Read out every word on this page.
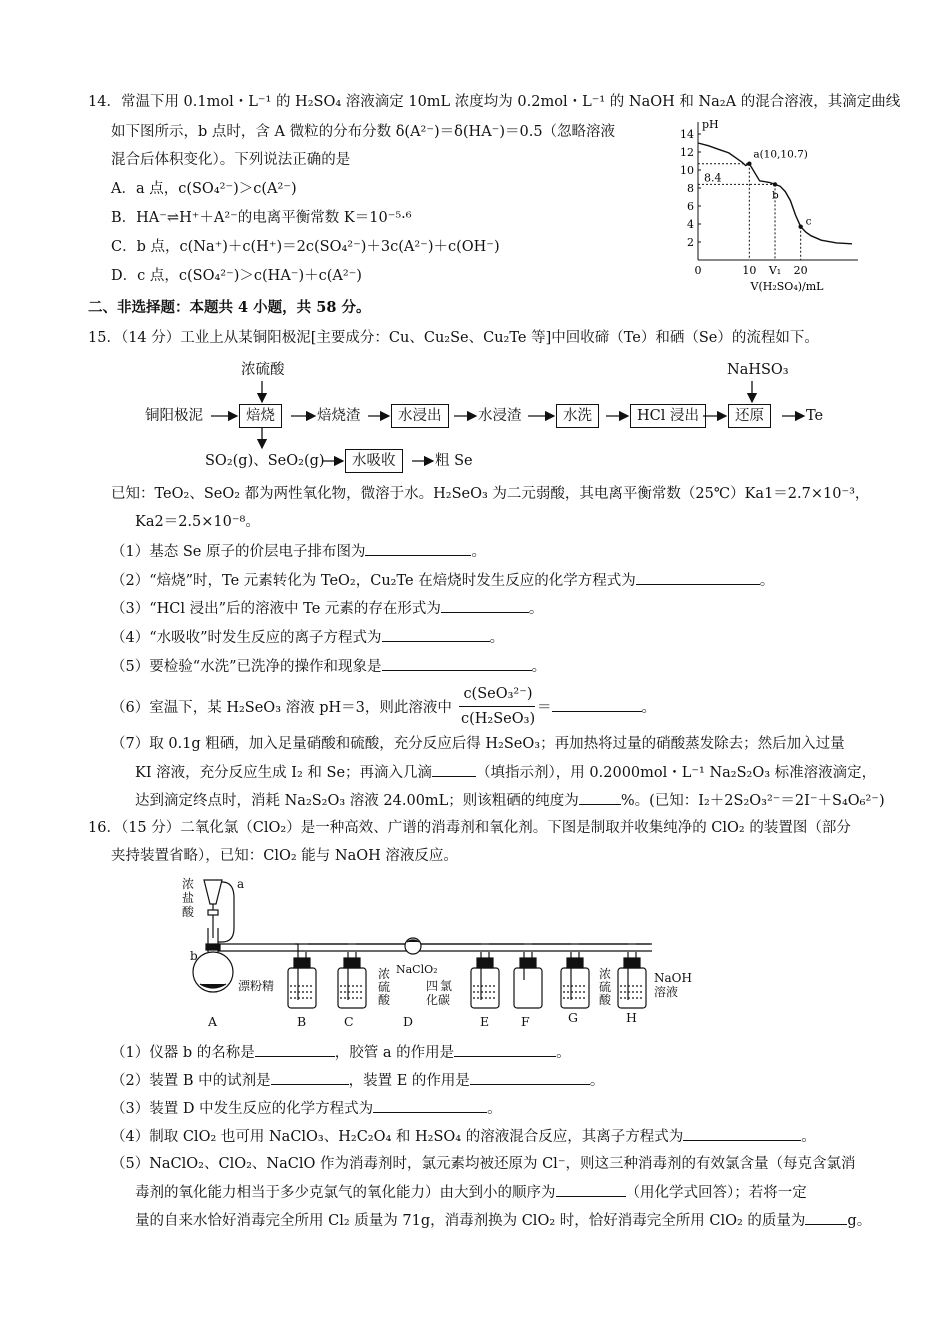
14．常温下用 0.1mol・L⁻¹ 的 H₂SO₄ 溶液滴定 10mL 浓度均为 0.2mol・L⁻¹ 的 NaOH 和 Na₂A 的混合溶液，其滴定曲线
如下图所示，b 点时，含 A 微粒的分布分数 δ(A²⁻)＝δ(HA⁻)＝0.5（忽略溶液
混合后体积变化）。下列说法正确的是
A．a 点，c(SO₄²⁻)＞c(A²⁻)
B．HA⁻⇌H⁺＋A²⁻的电离平衡常数 K＝10⁻⁵·⁶
C．b 点，c(Na⁺)＋c(H⁺)＝2c(SO₄²⁻)＋3c(A²⁻)＋c(OH⁻)
D．c 点，c(SO₄²⁻)＞c(HA⁻)＋c(A²⁻)
pH
2
4
6
8
10
12
14
0	10 V₁ 20
V(H₂SO₄)/mL
8.4
a(10,10.7)
b
c
二、非选择题：本题共 4 小题，共 58 分。
15．（14 分）工业上从某铜阳极泥[主要成分：Cu、Cu₂Se、Cu₂Te 等]中回收碲（Te）和硒（Se）的流程如下。
浓硫酸	NaHSO₃
铜阳极泥	焙烧	焙烧渣	水浸出	水浸渣	水洗	HCl 浸出	还原	Te
SO₂(g)、SeO₂(g)	水吸收	粗 Se
已知：TeO₂、SeO₂ 都为两性氧化物，微溶于水。H₂SeO₃ 为二元弱酸，其电离平衡常数（25℃）Ka1＝2.7×10⁻³，
Ka2＝2.5×10⁻⁸。
（1）基态 Se 原子的价层电子排布图为	。
（2）“焙烧”时，Te 元素转化为 TeO₂，Cu₂Te 在焙烧时发生反应的化学方程式为	。
（3）“HCl 浸出”后的溶液中 Te 元素的存在形式为	。
（4）“水吸收”时发生反应的离子方程式为	。
（5）要检验“水洗”已洗净的操作和现象是	。
（6）室温下，某 H₂SeO₃ 溶液 pH＝3，则此溶液中
c(SeO₃²⁻)
c(H₂SeO₃)
＝	。
（7）取 0.1g 粗硒，加入足量硝酸和硫酸，充分反应后得 H₂SeO₃；再加热将过量的硝酸蒸发除去；然后加入过量
KI 溶液，充分反应生成 I₂ 和 Se；再滴入几滴	（填指示剂），用 0.2000mol・L⁻¹ Na₂S₂O₃ 标准溶液滴定，
达到滴定终点时，消耗 Na₂S₂O₃ 溶液 24.00mL；则该粗硒的纯度为	%。(已知：I₂＋2S₂O₃²⁻＝2I⁻＋S₄O₆²⁻)
16．（15 分）二氧化氯（ClO₂）是一种高效、广谱的消毒剂和氧化剂。下图是制取并收集纯净的 ClO₂ 的装置图（部分
夹持装置省略），已知：ClO₂ 能与 NaOH 溶液反应。
浓
盐
酸
a
b
漂粉精
浓
硫
酸
NaClO₂
四 氯
化碳
浓
硫
酸
NaOH
溶液
A	B	C	D	E	F	G	H
（1）仪器 b 的名称是	，胶管 a 的作用是	。
（2）装置 B 中的试剂是	，装置 E 的作用是	。
（3）装置 D 中发生反应的化学方程式为	。
（4）制取 ClO₂ 也可用 NaClO₃、H₂C₂O₄ 和 H₂SO₄ 的溶液混合反应，其离子方程式为	。
（5）NaClO₂、ClO₂、NaClO 作为消毒剂时，氯元素均被还原为 Cl⁻，则这三种消毒剂的有效氯含量（每克含氯消
毒剂的氧化能力相当于多少克氯气的氧化能力）由大到小的顺序为	（用化学式回答）；若将一定
量的自来水恰好消毒完全所用 Cl₂ 质量为 71g，消毒剂换为 ClO₂ 时，恰好消毒完全所用 ClO₂ 的质量为	g。
